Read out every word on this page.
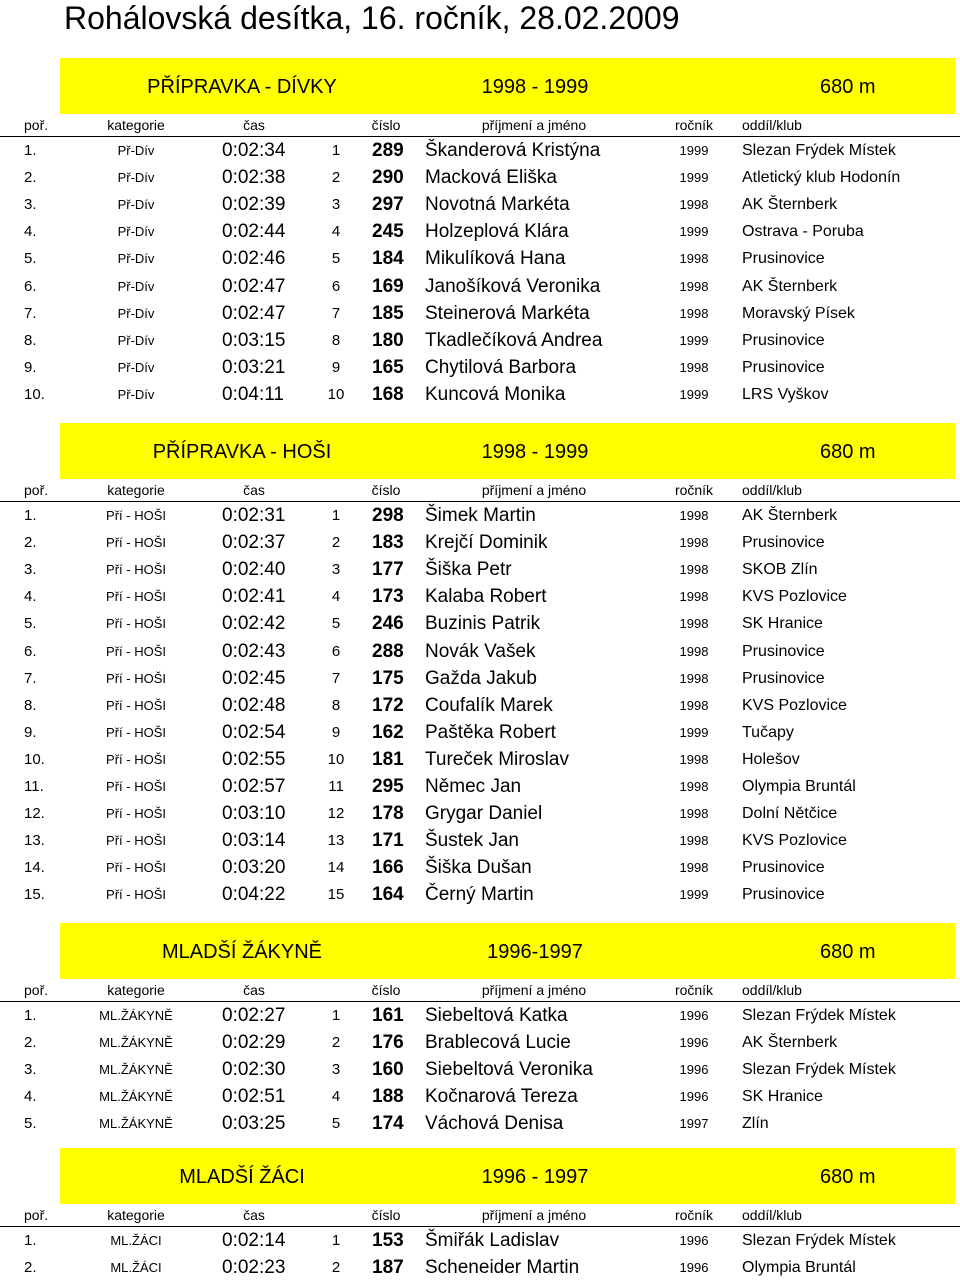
Rohálovská desítka, 16. ročník, 28.02.2009
PŘÍPRAVKA - DÍVKY	1998 - 1999	680 m
poř.	kategorie	čas	číslo	příjmení a jméno	ročník oddíl/klub
1.	Př-Dív	0:02:34	1 289 Škanderová Kristýna	1999 Slezan Frýdek Místek
2.	Př-Dív	0:02:38	2 290 Macková Eliška	1999 Atletický klub Hodonín
3.	Př-Dív	0:02:39	3 297 Novotná Markéta	1998 AK Šternberk
4.	Př-Dív	0:02:44	4 245 Holzeplová Klára	1999 Ostrava - Poruba
5.	Př-Dív	0:02:46	5 184 Mikulíková Hana	1998 Prusinovice
6.	Př-Dív	0:02:47	6 169 Janošíková Veronika	1998 AK Šternberk
7.	Př-Dív	0:02:47	7 185 Steinerová Markéta	1998 Moravský Písek
8.	Př-Dív	0:03:15	8 180 Tkadlečíková Andrea	1999 Prusinovice
9.	Př-Dív	0:03:21	9 165 Chytilová Barbora	1998 Prusinovice
10.	Př-Dív	0:04:11	10 168 Kuncová Monika	1999 LRS Vyškov
PŘÍPRAVKA - HOŠI	1998 - 1999	680 m
poř.	kategorie	čas	číslo	příjmení a jméno	ročník oddíl/klub
1.	Pří - HOŠI	0:02:31	1 298 Šimek Martin	1998 AK Šternberk
2.	Pří - HOŠI	0:02:37	2 183 Krejčí Dominik	1998 Prusinovice
3.	Pří - HOŠI	0:02:40	3 177 Šiška Petr	1998 SKOB Zlín
4.	Pří - HOŠI	0:02:41	4 173 Kalaba Robert	1998 KVS Pozlovice
5.	Pří - HOŠI	0:02:42	5 246 Buzinis Patrik	1998 SK Hranice
6.	Pří - HOŠI	0:02:43	6 288 Novák Vašek	1998 Prusinovice
7.	Pří - HOŠI	0:02:45	7 175 Gažda Jakub	1998 Prusinovice
8.	Pří - HOŠI	0:02:48	8 172 Coufalík Marek	1998 KVS Pozlovice
9.	Pří - HOŠI	0:02:54	9 162 Paštěka Robert	1999 Tučapy
10.	Pří - HOŠI	0:02:55	10 181 Tureček Miroslav	1998 Holešov
11.	Pří - HOŠI	0:02:57	11 295 Němec Jan	1998 Olympia Bruntál
12.	Pří - HOŠI	0:03:10	12 178 Grygar Daniel	1998 Dolní Nětčice
13.	Pří - HOŠI	0:03:14	13 171 Šustek Jan	1998 KVS Pozlovice
14.	Pří - HOŠI	0:03:20	14 166 Šiška Dušan	1998 Prusinovice
15.	Pří - HOŠI	0:04:22	15 164 Černý Martin	1999 Prusinovice
MLADŠÍ ŽÁKYNĚ	1996-1997	680 m
poř.	kategorie	čas	číslo	příjmení a jméno	ročník oddíl/klub
1.	ML.ŽÁKYNĚ	0:02:27	1 161 Siebeltová Katka	1996 Slezan Frýdek Místek
2.	ML.ŽÁKYNĚ	0:02:29	2 176 Brablecová Lucie	1996 AK Šternberk
3.	ML.ŽÁKYNĚ	0:02:30	3 160 Siebeltová Veronika	1996 Slezan Frýdek Místek
4.	ML.ŽÁKYNĚ	0:02:51	4 188 Kočnarová Tereza	1996 SK Hranice
5.	ML.ŽÁKYNĚ	0:03:25	5 174 Váchová Denisa	1997 Zlín
MLADŠÍ ŽÁCI	1996 - 1997	680 m
poř.	kategorie	čas	číslo	příjmení a jméno	ročník oddíl/klub
1.	ML.ŽÁCI	0:02:14	1 153 Šmiřák Ladislav	1996 Slezan Frýdek Místek
2.	ML.ŽÁCI	0:02:23	2 187 Scheneider Martin	1996 Olympia Bruntál
